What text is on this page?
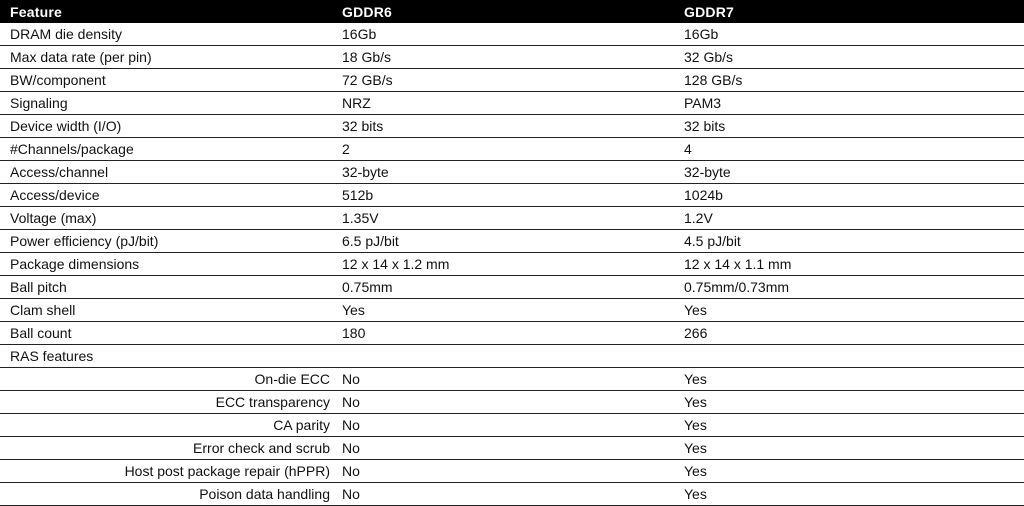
Feature	GDDR6	GDDR7
DRAM die density	16Gb	16Gb
Max data rate (per pin)	18 Gb/s	32 Gb/s
BW/component	72 GB/s	128 GB/s
Signaling	NRZ	PAM3
Device width (I/O)	32 bits	32 bits
#Channels/package	2	4
Access/channel	32-byte	32-byte
Access/device	512b	1024b
Voltage (max)	1.35V	1.2V
Power efficiency (pJ/bit)	6.5 pJ/bit	4.5 pJ/bit
Package dimensions	12 x 14 x 1.2 mm	12 x 14 x 1.1 mm
Ball pitch	0.75mm	0.75mm/0.73mm
Clam shell	Yes	Yes
Ball count	180	266
RAS features		
On-die ECC	No	Yes
ECC transparency	No	Yes
CA parity	No	Yes
Error check and scrub	No	Yes
Host post package repair (hPPR)	No	Yes
Poison data handling	No	Yes
